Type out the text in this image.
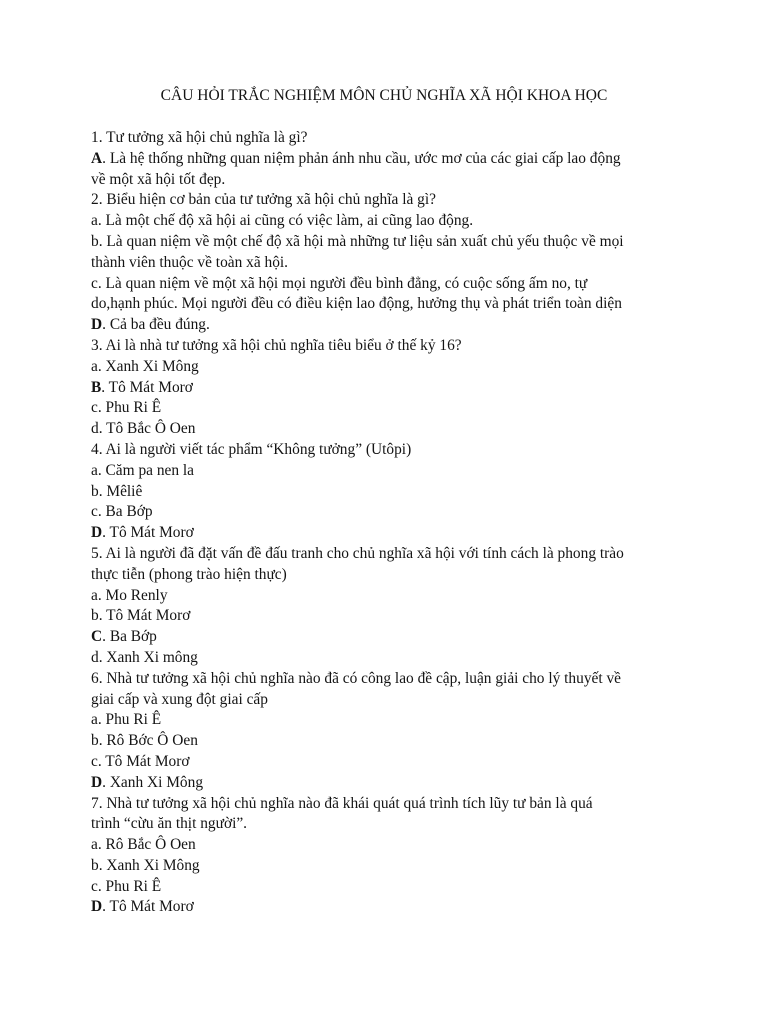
CÂU HỎI TRẮC NGHIỆM MÔN CHỦ NGHĨA XÃ HỘI KHOA HỌC
1. Tư tưởng xã hội chủ nghĩa là gì?
A. Là hệ thống những quan niệm phản ánh nhu cầu, ước mơ của các giai cấp lao động
về một xã hội tốt đẹp.
2. Biểu hiện cơ bản của tư tưởng xã hội chủ nghĩa là gì?
a. Là một chế độ xã hội ai cũng có việc làm, ai cũng lao động.
b. Là quan niệm về một chế độ xã hội mà những tư liệu sản xuất chủ yếu thuộc về mọi
thành viên thuộc về toàn xã hội.
c. Là quan niệm về một xã hội mọi người đều bình đẳng, có cuộc sống ấm no, tự
do,hạnh phúc. Mọi người đều có điều kiện lao động, hưởng thụ và phát triển toàn diện
D. Cả ba đều đúng.
3. Ai là nhà tư tưởng xã hội chủ nghĩa tiêu biểu ở thế kỷ 16?
a. Xanh Xi Mông
B. Tô Mát Morơ
c. Phu Ri Ê
d. Tô Bắc Ô Oen
4. Ai là người viết tác phẩm “Không tưởng” (Utôpi)
a. Căm pa nen la
b. Mêliê
c. Ba Bớp
D. Tô Mát Morơ
5. Ai là người đã đặt vấn đề đấu tranh cho chủ nghĩa xã hội với tính cách là phong trào
thực tiễn (phong trào hiện thực)
a. Mo Renly
b. Tô Mát Morơ
C. Ba Bớp
d. Xanh Xi mông
6. Nhà tư tưởng xã hội chủ nghĩa nào đã có công lao đề cập, luận giải cho lý thuyết về
giai cấp và xung đột giai cấp
a. Phu Ri Ê
b. Rô Bớc Ô Oen
c. Tô Mát Morơ
D. Xanh Xi Mông
7. Nhà tư tưởng xã hội chủ nghĩa nào đã khái quát quá trình tích lũy tư bản là quá
trình “cừu ăn thịt người”.
a. Rô Bắc Ô Oen
b. Xanh Xi Mông
c. Phu Ri Ê
D. Tô Mát Morơ
